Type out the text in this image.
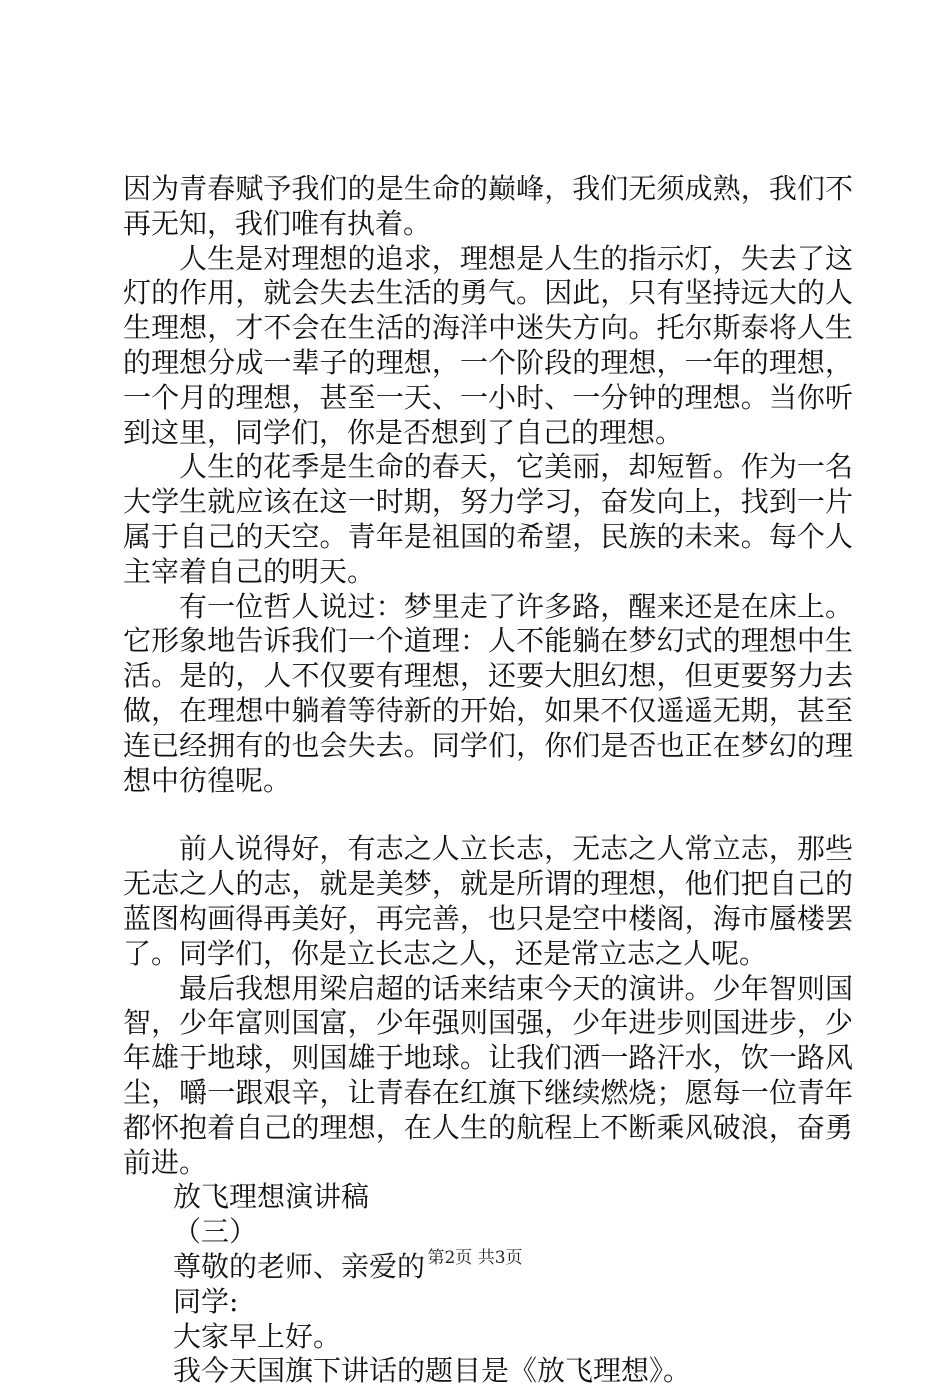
因为青春赋予我们的是生命的巅峰，我们无须成熟，我们不再无知，我们唯有执着。

人生是对理想的追求，理想是人生的指示灯，失去了这灯的作用，就会失去生活的勇气。因此，只有坚持远大的人生理想，才不会在生活的海洋中迷失方向。托尔斯泰将人生的理想分成一辈子的理想，一个阶段的理想，一年的理想，一个月的理想，甚至一天、一小时、一分钟的理想。当你听到这里，同学们，你是否想到了自己的理想。

人生的花季是生命的春天，它美丽，却短暂。作为一名大学生就应该在这一时期，努力学习，奋发向上，找到一片属于自己的天空。青年是祖国的希望，民族的未来。每个人主宰着自己的明天。

有一位哲人说过：梦里走了许多路，醒来还是在床上。它形象地告诉我们一个道理：人不能躺在梦幻式的理想中生活。是的，人不仅要有理想，还要大胆幻想，但更要努力去做，在理想中躺着等待新的开始，如果不仅遥遥无期，甚至连已经拥有的也会失去。同学们，你们是否也正在梦幻的理想中彷徨呢。

前人说得好，有志之人立长志，无志之人常立志，那些无志之人的志，就是美梦，就是所谓的理想，他们把自己的蓝图构画得再美好，再完善，也只是空中楼阁，海市蜃楼罢了。同学们，你是立长志之人，还是常立志之人呢。

最后我想用梁启超的话来结束今天的演讲。少年智则国智，少年富则国富，少年强则国强，少年进步则国进步，少年雄于地球，则国雄于地球。让我们洒一路汗水，饮一路风尘，嚼一跟艰辛，让青春在红旗下继续燃烧；愿每一位青年都怀抱着自己的理想，在人生的航程上不断乘风破浪，奋勇前进。

放飞理想演讲稿

（三）

尊敬的老师、亲爱的

同学:

大家早上好。

我今天国旗下讲话的题目是《放飞理想》。

第2页 共3页
